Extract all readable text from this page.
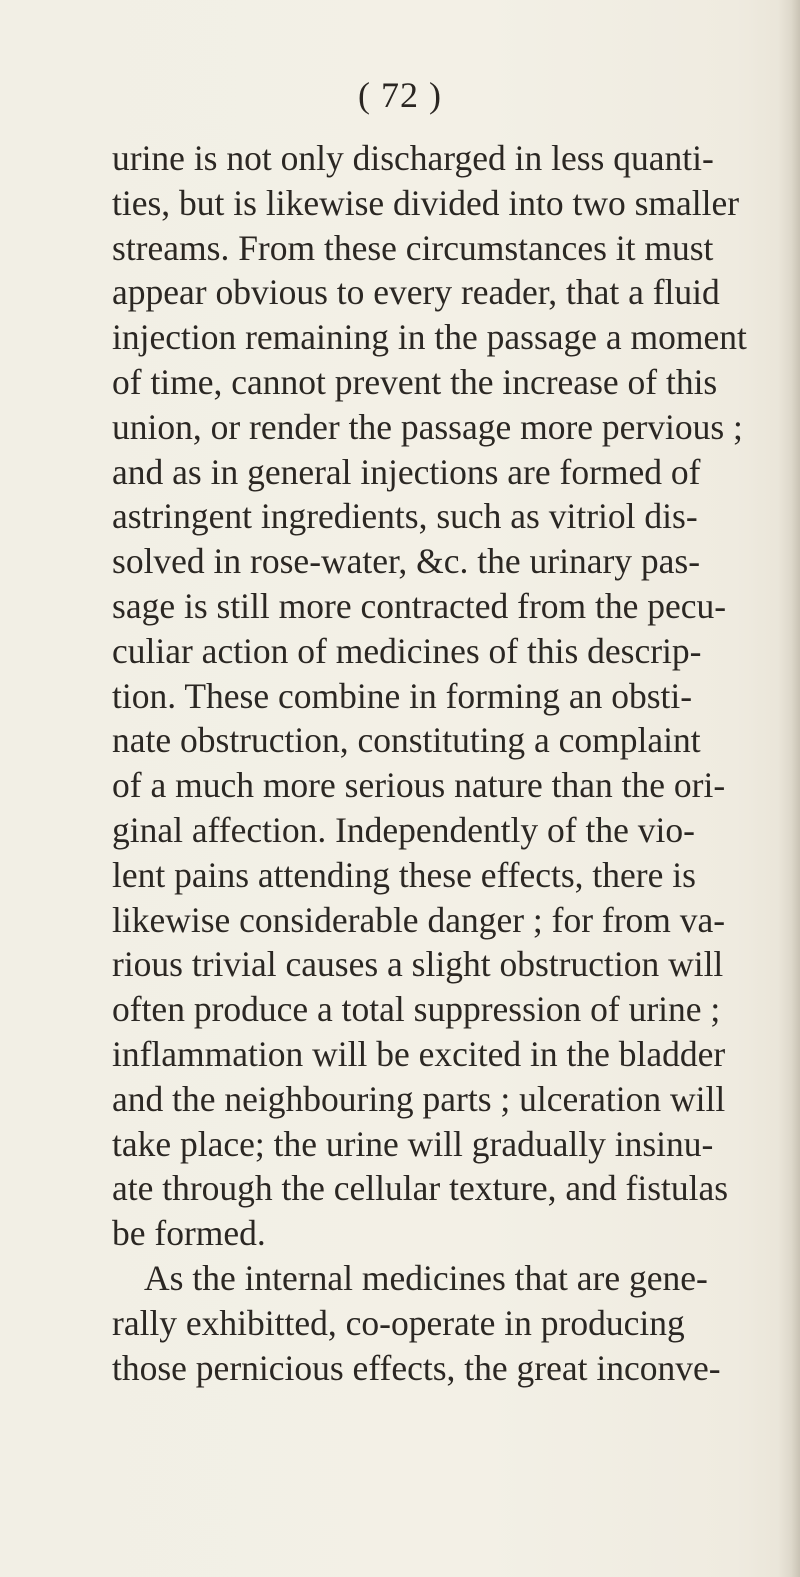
( 72 )
urine is not only discharged in less quanti-
ties, but is likewise divided into two smaller
streams. From these circumstances it must
appear obvious to every reader, that a fluid
injection remaining in the passage a moment
of time, cannot prevent the increase of this
union, or render the passage more pervious ;
and as in general injections are formed of
astringent ingredients, such as vitriol dis-
solved in rose-water, &c. the urinary pas-
sage is still more contracted from the pecu-
culiar action of medicines of this descrip-
tion. These combine in forming an obsti-
nate obstruction, constituting a complaint
of a much more serious nature than the ori-
ginal affection. Independently of the vio-
lent pains attending these effects, there is
likewise considerable danger ; for from va-
rious trivial causes a slight obstruction will
often produce a total suppression of urine ;
inflammation will be excited in the bladder
and the neighbouring parts ; ulceration will
take place; the urine will gradually insinu-
ate through the cellular texture, and fistulas
be formed.
As the internal medicines that are gene-
rally exhibitted, co-operate in producing
those pernicious effects, the great inconve-
